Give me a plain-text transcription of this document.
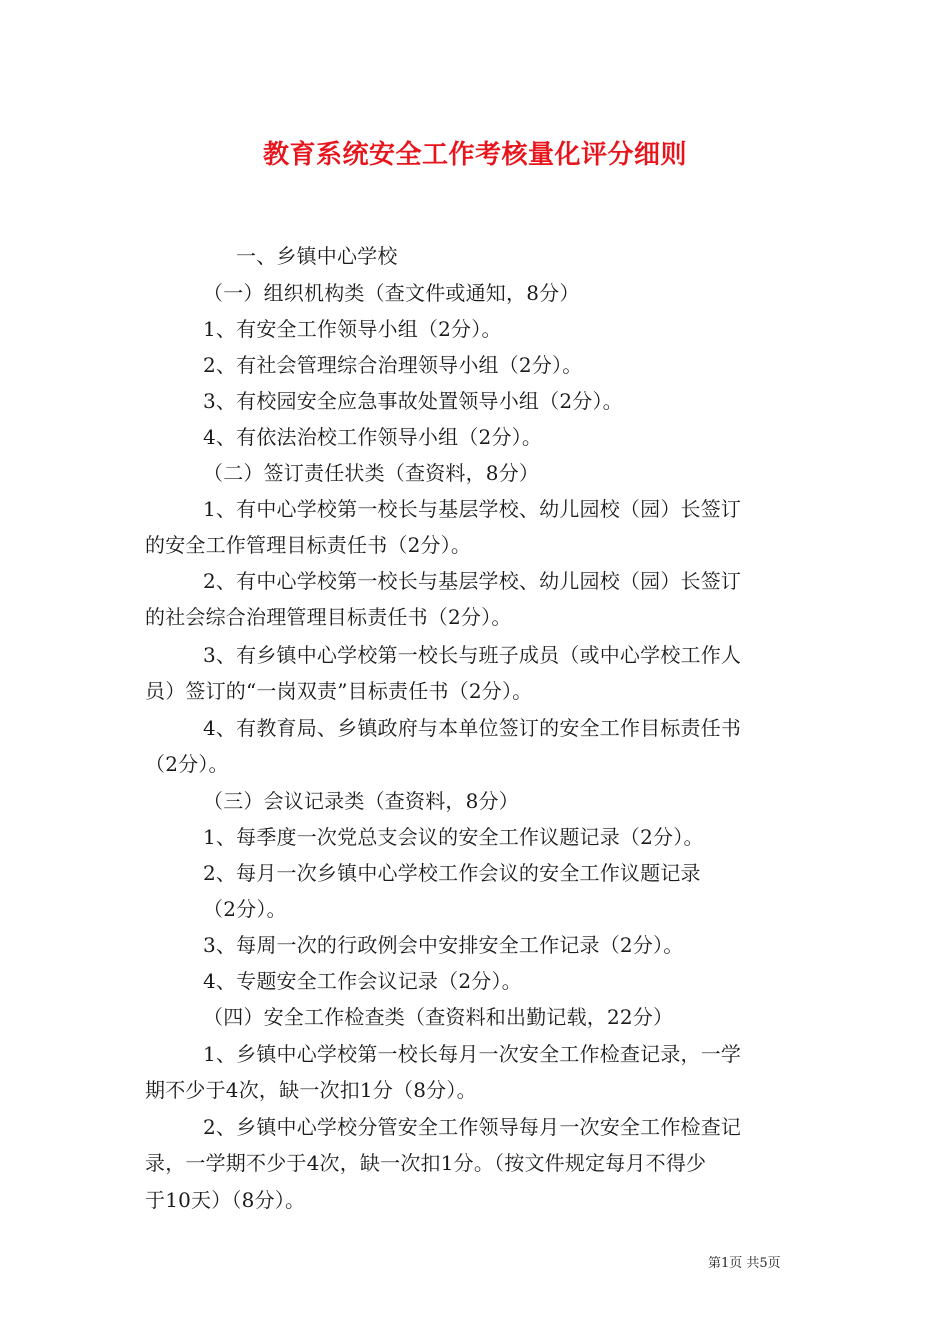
教育系统安全工作考核量化评分细则

一、乡镇中心学校

（一）组织机构类（查文件或通知，8分）

1、有安全工作领导小组（2分）。

2、有社会管理综合治理领导小组（2分）。

3、有校园安全应急事故处置领导小组（2分）。

4、有依法治校工作领导小组（2分）。

（二）签订责任状类（查资料，8分）

1、有中心学校第一校长与基层学校、幼儿园校（园）长签订

的安全工作管理目标责任书（2分）。

2、有中心学校第一校长与基层学校、幼儿园校（园）长签订

的社会综合治理管理目标责任书（2分）。

3、有乡镇中心学校第一校长与班子成员（或中心学校工作人

员）签订的“一岗双责”目标责任书（2分）。

4、有教育局、乡镇政府与本单位签订的安全工作目标责任书

（2分）。

（三）会议记录类（查资料，8分）

1、每季度一次党总支会议的安全工作议题记录（2分）。

2、每月一次乡镇中心学校工作会议的安全工作议题记录

（2分）。

3、每周一次的行政例会中安排安全工作记录（2分）。

4、专题安全工作会议记录（2分）。

（四）安全工作检查类（查资料和出勤记载，22分）

1、乡镇中心学校第一校长每月一次安全工作检查记录，一学

期不少于4次，缺一次扣1分（8分）。

2、乡镇中心学校分管安全工作领导每月一次安全工作检查记

录，一学期不少于4次，缺一次扣1分。（按文件规定每月不得少

于10天）（8分）。

第1页 共5页
